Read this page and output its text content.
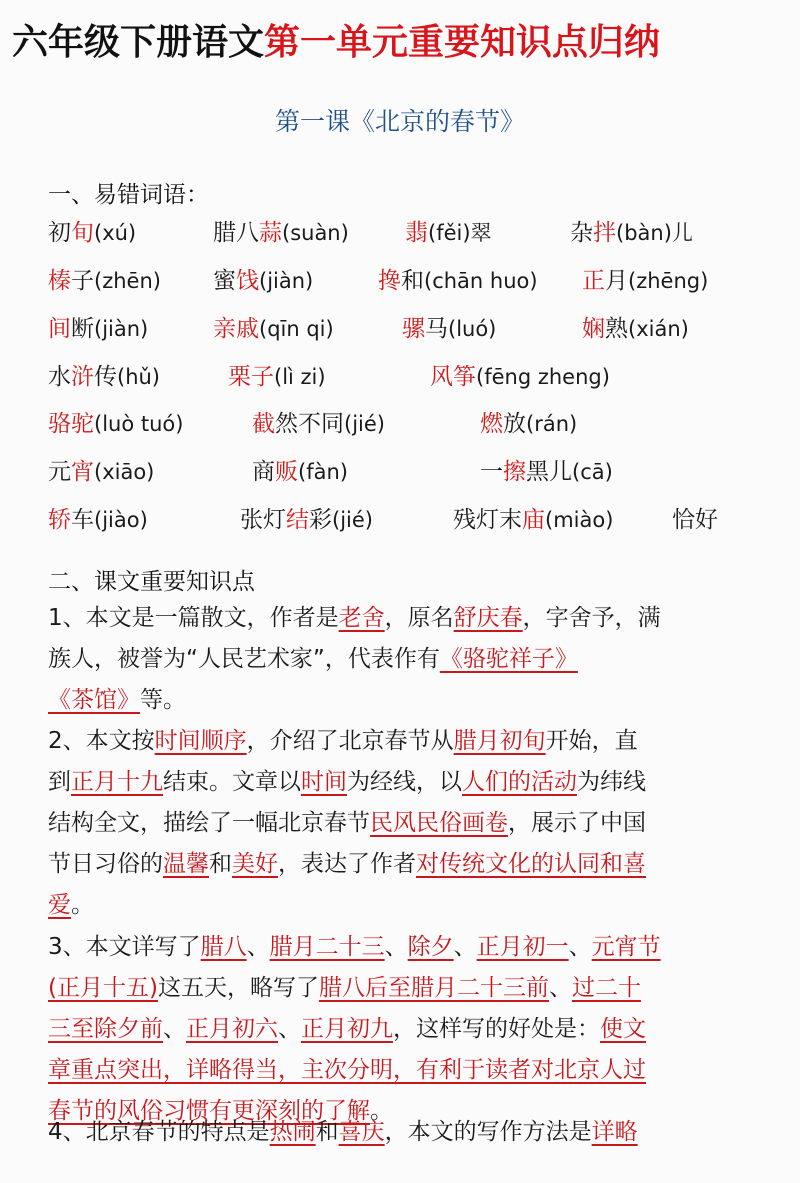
六年级下册语文第一单元重要知识点归纳
第一课《北京的春节》
一、易错词语：
初旬(xú)	腊八蒜(suàn) 翡(fěi)翠	杂拌(bàn)儿
榛子(zhēn) 蜜饯(jiàn)	搀和(chān huo) 正月(zhēng)
间断(jiàn)	亲戚(qīn qi)	骡马(luó)	娴熟(xián)
水浒传(hǔ)	栗子(lì zi)	风筝(fēng zheng)
骆驼(luò tuó)	截然不同(jié)	燃放(rán)
元宵(xiāo)	商贩(fàn)	一擦黑儿(cā)
轿车(jiào)	张灯结彩(jié)	残灯末庙(miào)	恰好
二、课文重要知识点
1、本文是一篇散文，作者是老舍，原名舒庆春，字舍予，满
族人，被誉为“人民艺术家”，代表作有《骆驼祥子》
《茶馆》等。
2、本文按时间顺序，介绍了北京春节从腊月初旬开始，直
到正月十九结束。文章以时间为经线，以人们的活动为纬线
结构全文，描绘了一幅北京春节民风民俗画卷，展示了中国
节日习俗的温馨和美好，表达了作者对传统文化的认同和喜
爱。
3、本文详写了腊八、腊月二十三、除夕、正月初一、元宵节
(正月十五)这五天，略写了腊八后至腊月二十三前、过二十
三至除夕前、正月初六、正月初九，这样写的好处是：使文
章重点突出，详略得当，主次分明，有利于读者对北京人过
春节的风俗习惯有更深刻的了解。
4、北京春节的特点是热闹和喜庆，本文的写作方法是详略
